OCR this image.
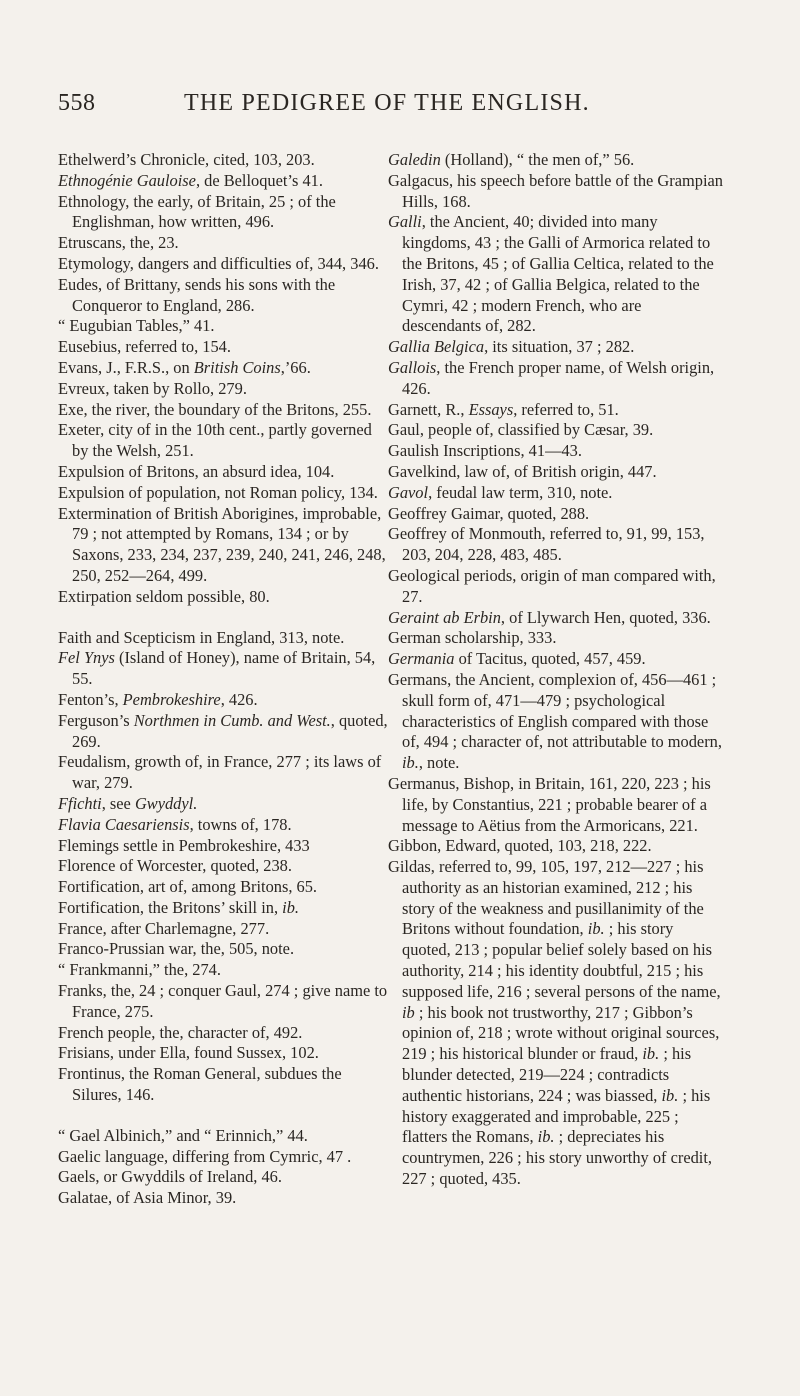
558	THE PEDIGREE OF THE ENGLISH.

Ethelwerd’s Chronicle, cited, 103, 203.

Ethnogénie Gauloise, de Belloquet’s 41.

Ethnology, the early, of Britain, 25 ; of the Englishman, how written, 496.

Etruscans, the, 23.

Etymology, dangers and difficulties of, 344, 346.

Eudes, of Brittany, sends his sons with the Conqueror to England, 286.

“ Eugubian Tables,” 41.

Eusebius, referred to, 154.

Evans, J., F.R.S., on British Coins,’66.

Evreux, taken by Rollo, 279.

Exe, the river, the boundary of the Britons, 255.

Exeter, city of in the 10th cent., partly governed by the Welsh, 251.

Expulsion of Britons, an absurd idea, 104.

Expulsion of population, not Roman policy, 134.

Extermination of British Aborigines, improbable, 79 ; not attempted by Romans, 134 ; or by Saxons, 233, 234, 237, 239, 240, 241, 246, 248, 250, 252—264, 499.

Extirpation seldom possible, 80.

Faith and Scepticism in England, 313, note.

Fel Ynys (Island of Honey), name of Britain, 54, 55.

Fenton’s, Pembrokeshire, 426.

Ferguson’s Northmen in Cumb. and West., quoted, 269.

Feudalism, growth of, in France, 277 ; its laws of war, 279.

Ffichti, see Gwyddyl.

Flavia Caesariensis, towns of, 178.

Flemings settle in Pembrokeshire, 433

Florence of Worcester, quoted, 238.

Fortification, art of, among Britons, 65.

Fortification, the Britons’ skill in, ib.

France, after Charlemagne, 277.

Franco-Prussian war, the, 505, note.

“ Frankmanni,” the, 274.

Franks, the, 24 ; conquer Gaul, 274 ; give name to France, 275.

French people, the, character of, 492.

Frisians, under Ella, found Sussex, 102.

Frontinus, the Roman General, subdues the Silures, 146.

“ Gael Albinich,” and “ Erinnich,” 44.

Gaelic language, differing from Cymric, 47 .

Gaels, or Gwyddils of Ireland, 46.

Galatae, of Asia Minor, 39.

Galedin (Holland), “ the men of,” 56.

Galgacus, his speech before battle of the Grampian Hills, 168.

Galli, the Ancient, 40; divided into many kingdoms, 43 ; the Galli of Armorica related to the Britons, 45 ; of Gallia Celtica, related to the Irish, 37, 42 ; of Gallia Belgica, related to the Cymri, 42 ; modern French, who are descendants of, 282.

Gallia Belgica, its situation, 37 ; 282.

Gallois, the French proper name, of Welsh origin, 426.

Garnett, R., Essays, referred to, 51.

Gaul, people of, classified by Cæsar, 39.

Gaulish Inscriptions, 41—43.

Gavelkind, law of, of British origin, 447.

Gavol, feudal law term, 310, note.

Geoffrey Gaimar, quoted, 288.

Geoffrey of Monmouth, referred to, 91, 99, 153, 203, 204, 228, 483, 485.

Geological periods, origin of man compared with, 27.

Geraint ab Erbin, of Llywarch Hen, quoted, 336.

German scholarship, 333.

Germania of Tacitus, quoted, 457, 459.

Germans, the Ancient, complexion of, 456—461 ; skull form of, 471—479 ; psychological characteristics of English compared with those of, 494 ; character of, not attributable to modern, ib., note.

Germanus, Bishop, in Britain, 161, 220, 223 ; his life, by Constantius, 221 ; probable bearer of a message to Aëtius from the Armoricans, 221.

Gibbon, Edward, quoted, 103, 218, 222.

Gildas, referred to, 99, 105, 197, 212—227 ; his authority as an historian examined, 212 ; his story of the weakness and pusillanimity of the Britons without foundation, ib. ; his story quoted, 213 ; popular belief solely based on his authority, 214 ; his identity doubtful, 215 ; his supposed life, 216 ; several persons of the name, ib ; his book not trustworthy, 217 ; Gibbon’s opinion of, 218 ; wrote without original sources, 219 ; his historical blunder or fraud, ib. ; his blunder detected, 219—224 ; contradicts authentic historians, 224 ; was biassed, ib. ; his history exaggerated and improbable, 225 ; flatters the Romans, ib. ; depreciates his countrymen, 226 ; his story unworthy of credit, 227 ; quoted, 435.
